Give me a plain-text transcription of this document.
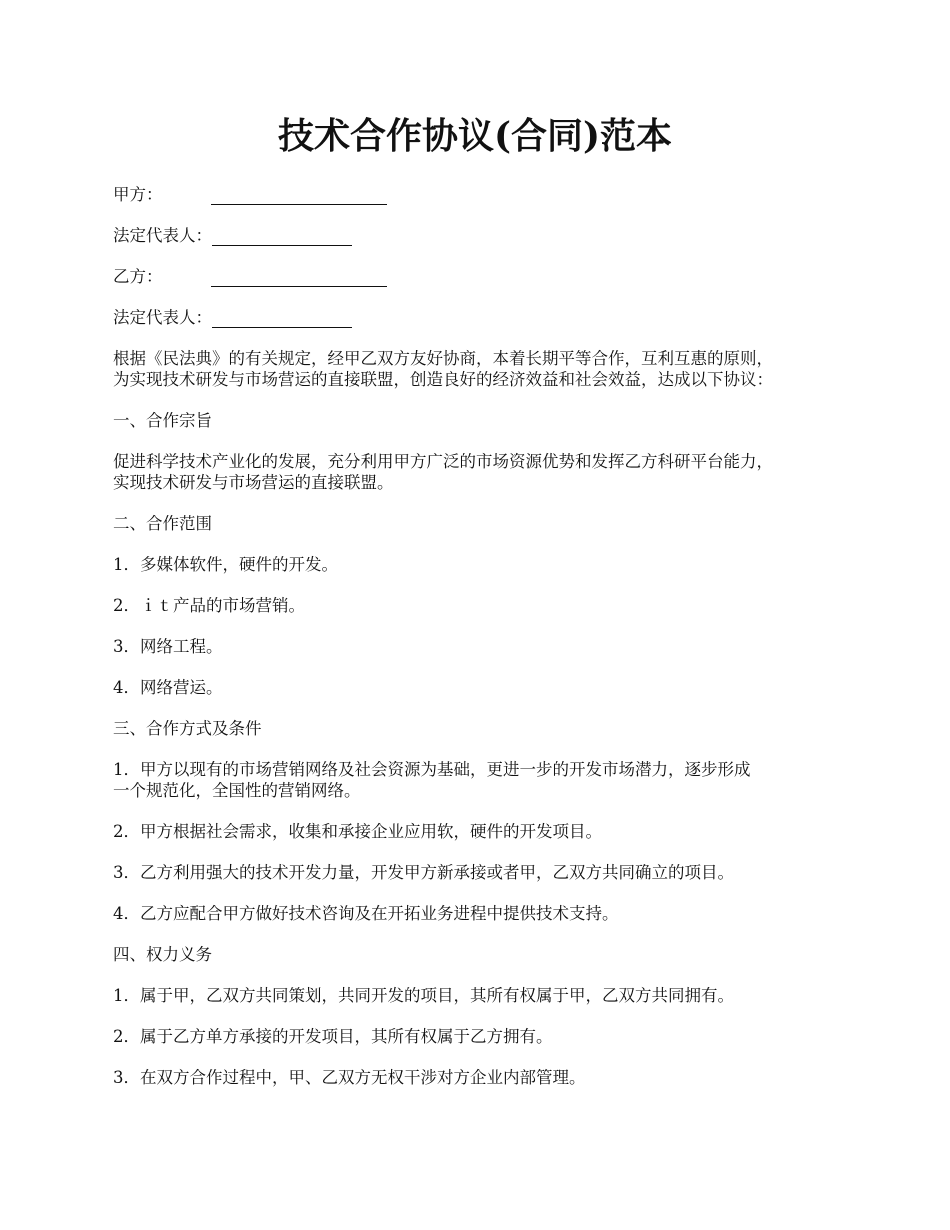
技术合作协议(合同)范本
甲方：
法定代表人：
乙方：
法定代表人：
根据《民法典》的有关规定，经甲乙双方友好协商，本着长期平等合作，互利互惠的原则，
为实现技术研发与市场营运的直接联盟，创造良好的经济效益和社会效益，达成以下协议：
一、合作宗旨
促进科学技术产业化的发展，充分利用甲方广泛的市场资源优势和发挥乙方科研平台能力，
实现技术研发与市场营运的直接联盟。
二、合作范围
1．多媒体软件，硬件的开发。
2．ｉｔ产品的市场营销。
3．网络工程。
4．网络营运。
三、合作方式及条件
1．甲方以现有的市场营销网络及社会资源为基础，更进一步的开发市场潜力，逐步形成
一个规范化，全国性的营销网络。
2．甲方根据社会需求，收集和承接企业应用软，硬件的开发项目。
3．乙方利用强大的技术开发力量，开发甲方新承接或者甲，乙双方共同确立的项目。
4．乙方应配合甲方做好技术咨询及在开拓业务进程中提供技术支持。
四、权力义务
1．属于甲，乙双方共同策划，共同开发的项目，其所有权属于甲，乙双方共同拥有。
2．属于乙方单方承接的开发项目，其所有权属于乙方拥有。
3．在双方合作过程中，甲、乙双方无权干涉对方企业内部管理。
